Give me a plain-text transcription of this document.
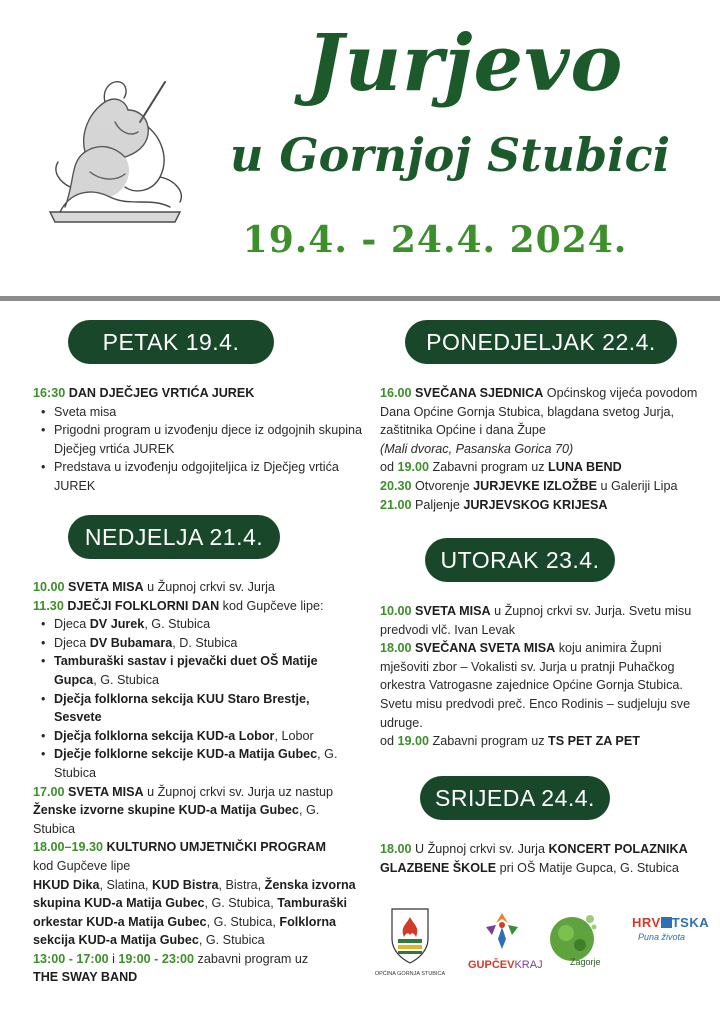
Jurjevo
u Gornjoj Stubici
19.4. - 24.4. 2024.
PETAK 19.4.
16:30 DAN DJEČJEG VRTIĆA JUREK
• Sveta misa
• Prigodni program u izvođenju djece iz odgojnih skupina Dječjeg vrtića JUREK
• Predstava u izvođenju odgojiteljica iz Dječjeg vrtića JUREK
NEDJELJA 21.4.
10.00 SVETA MISA u Župnoj crkvi sv. Jurja
11.30 DJEČJI FOLKLORNI DAN kod Gupčeve lipe:
• Djeca DV Jurek, G. Stubica
• Djeca DV Bubamara, D. Stubica
• Tamburaški sastav i pjevački duet OŠ Matije Gupca, G. Stubica
• Dječja folklorna sekcija KUU Staro Brestje, Sesvete
• Dječja folklorna sekcija KUD-a Lobor, Lobor
• Dječje folklorne sekcije KUD-a Matija Gubec, G. Stubica
17.00 SVETA MISA u Župnoj crkvi sv. Jurja uz nastup Ženske izvorne skupine KUD-a Matija Gubec, G. Stubica
18.00–19.30 KULTURNO UMJETNIČKI PROGRAM
kod Gupčeve lipe
HKUD Dika, Slatina, KUD Bistra, Bistra, Ženska izvorna skupina KUD-a Matija Gubec, G. Stubica, Tamburaški orkestar KUD-a Matija Gubec, G. Stubica, Folklorna sekcija KUD-a Matija Gubec, G. Stubica
13:00 - 17:00 i 19:00 - 23:00 zabavni program uz
THE SWAY BAND
PONEDJELJAK 22.4.
16.00 SVEČANA SJEDNICA Općinskog vijeća povodom Dana Općine Gornja Stubica, blagdana svetog Jurja, zaštitnika Općine i dana Župe
(Mali dvorac, Pasanska Gorica 70)
od 19.00 Zabavni program uz LUNA BEND
20.30 Otvorenje JURJEVKE IZLOŽBE u Galeriji Lipa
21.00 Paljenje JURJEVSKOG KRIJESA
UTORAK 23.4.
10.00 SVETA MISA u Župnoj crkvi sv. Jurja. Svetu misu predvodi vlč. Ivan Levak
18.00 SVEČANA SVETA MISA koju animira Župni mješoviti zbor – Vokalisti sv. Jurja u pratnji Puhačkog orkestra Vatrogasne zajednice Općine Gornja Stubica. Svetu misu predvodi preč. Enco Rodinis – sudjeluju sve udruge.
od 19.00 Zabavni program uz TS PET ZA PET
SRIJEDA 24.4.
18.00 U Župnoj crkvi sv. Jurja KONCERT POLAZNIKA GLAZBENE ŠKOLE pri OŠ Matije Gupca, G. Stubica
OPĆINA GORNJA STUBICA
GUPČEVKRAJ	Zagorje
HRV TSKA
Puna života
